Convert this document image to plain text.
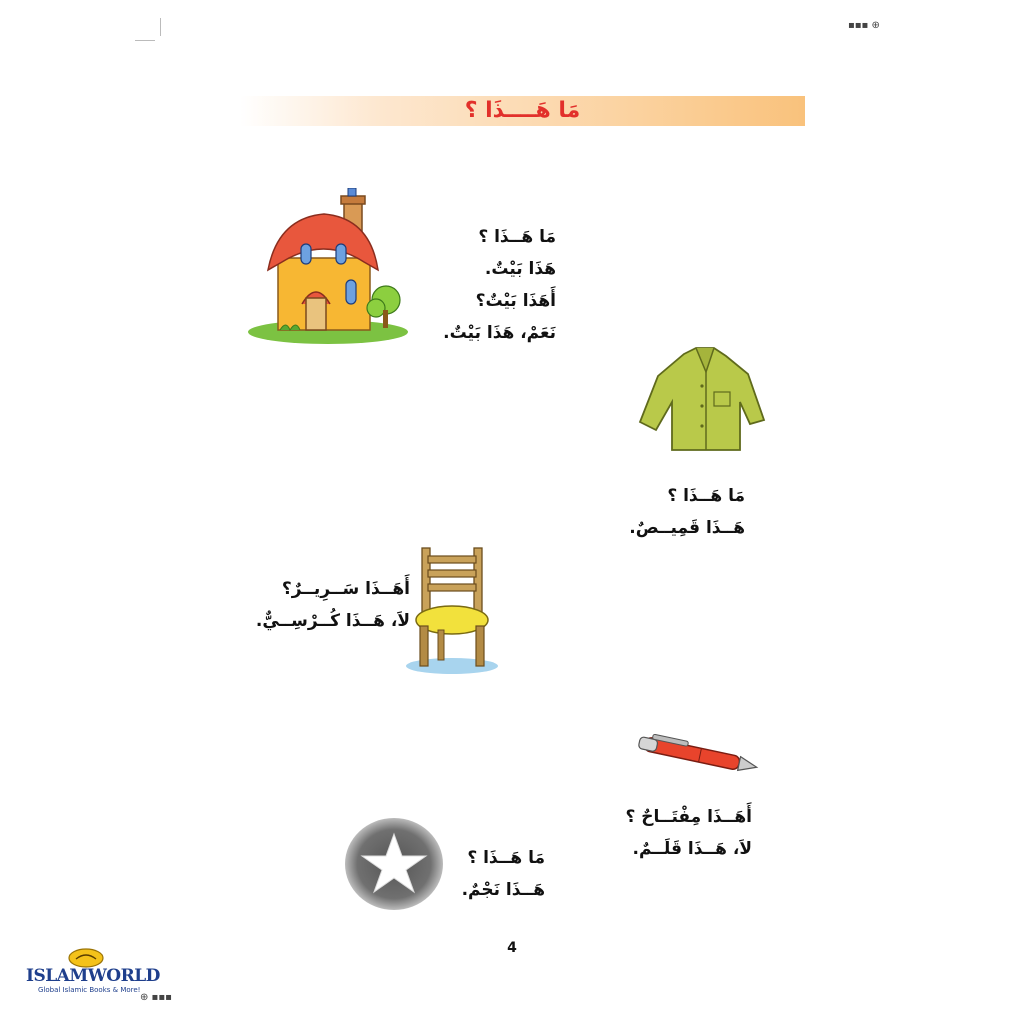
▪▪▪ ⊕
⊕ ▪▪▪
مَا هَــــذَا ؟
مَا هَــذَا ؟
هَذَا بَيْتٌ.
أَهَذَا بَيْتٌ؟
نَعَمْ، هَذَا بَيْتٌ.
مَا هَــذَا ؟
هَــذَا قَمِيــصٌ.
أَهَــذَا سَــرِيــرٌ؟
لاَ، هَــذَا كُــرْسِــيٌّ.
أَهَــذَا مِفْتَــاحٌ ؟
لاَ، هَــذَا قَلَــمٌ.
مَا هَــذَا ؟
هَــذَا نَجْمٌ.
4
ISLAMWORLD
Global Islamic Books & More!
